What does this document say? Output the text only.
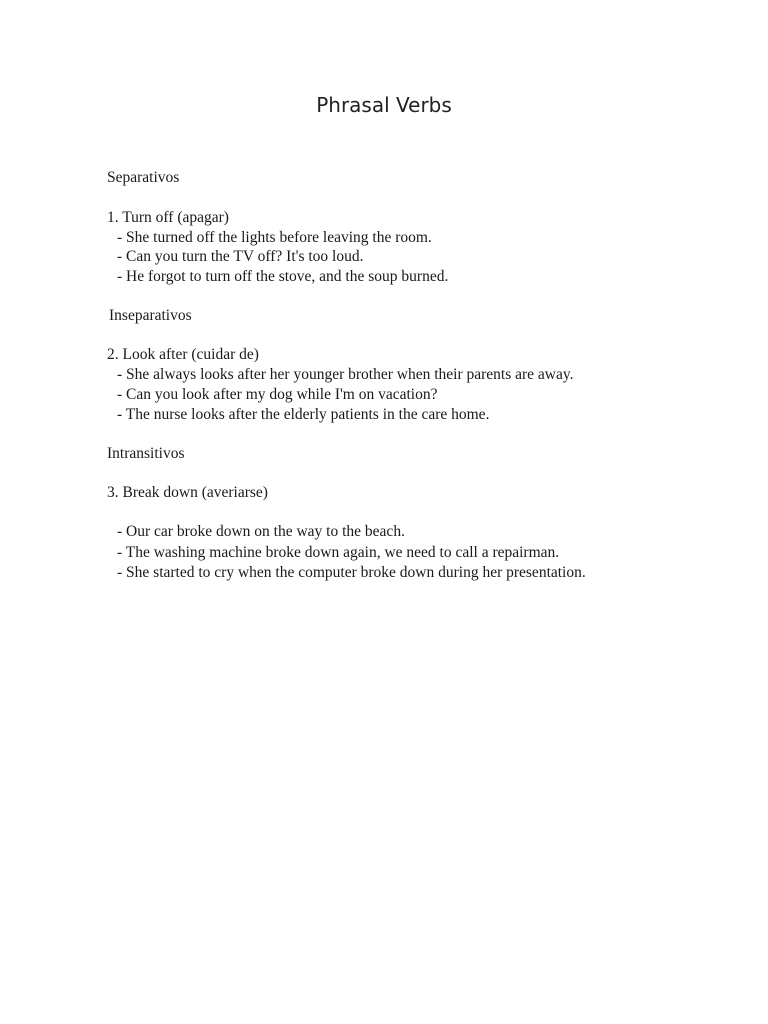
Phrasal Verbs
Separativos
1. Turn off (apagar)
- She turned off the lights before leaving the room.
- Can you turn the TV off? It's too loud.
- He forgot to turn off the stove, and the soup burned.
Inseparativos
2. Look after (cuidar de)
- She always looks after her younger brother when their parents are away.
- Can you look after my dog while I'm on vacation?
- The nurse looks after the elderly patients in the care home.
Intransitivos
3. Break down (averiarse)
- Our car broke down on the way to the beach.
- The washing machine broke down again, we need to call a repairman.
- She started to cry when the computer broke down during her presentation.
